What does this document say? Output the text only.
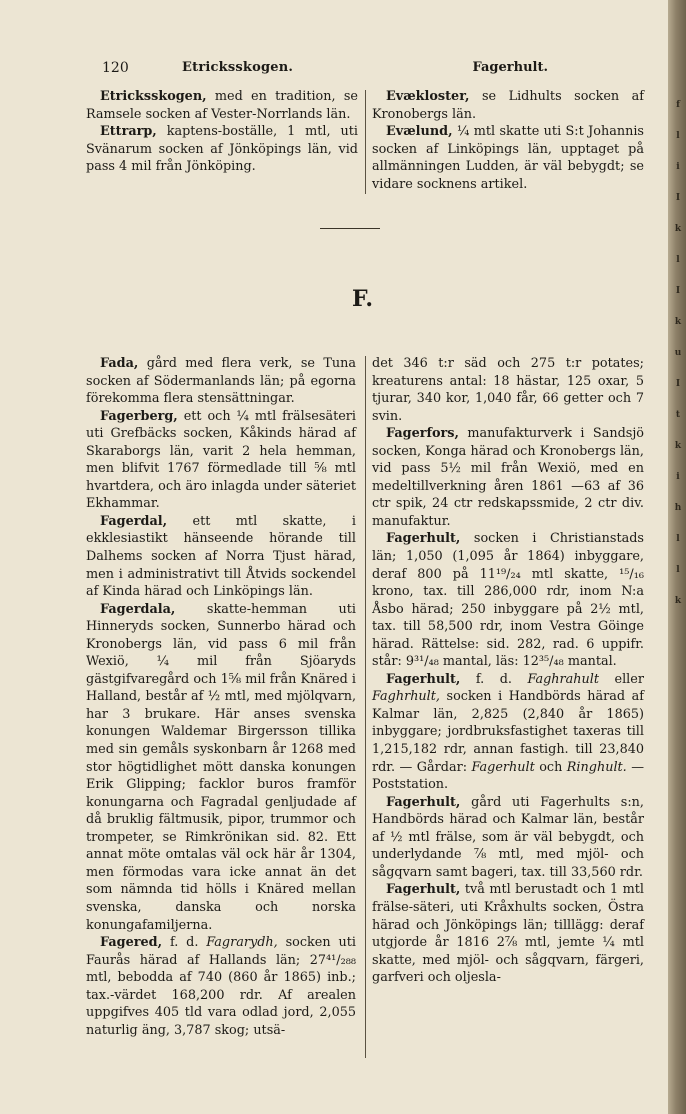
f
l
i
I
k
l
I
k
u
I
t
k
i
h
l
l
k
120	Etricksskogen.	Fagerhult.

Etricksskogen, med en tradition, se Ramsele socken af Vester-Norrlands län.

Ettrarp, kaptens-boställe, 1 mtl, uti Svänarum socken af Jönköpings län, vid pass 4 mil från Jönköping.

Evækloster, se Lidhults socken af Kronobergs län.

Evælund, ¼ mtl skatte uti S:t Johannis socken af Linköpings län, upptaget på allmänningen Ludden, är väl bebygdt; se vidare socknens artikel.

F.

Fada, gård med flera verk, se Tuna socken af Södermanlands län; på egorna förekomma flera stensättningar.

Fagerberg, ett och ¼ mtl frälsesäteri uti Grefbäcks socken, Kåkinds härad af Skaraborgs län, varit 2 hela hemman, men blifvit 1767 förmedlade till ⅝ mtl hvartdera, och äro inlagda under säteriet Ekhammar.

Fagerdal, ett mtl skatte, i ekklesiastikt hänseende hörande till Dalhems socken af Norra Tjust härad, men i administrativt till Åtvids sockendel af Kinda härad och Linköpings län.

Fagerdala, skatte-hemman uti Hinneryds socken, Sunnerbo härad och Kronobergs län, vid pass 6 mil från Wexiö, ¼ mil från Sjöaryds gästgifvaregård och 1⅝ mil från Knäred i Halland, består af ½ mtl, med mjölqvarn, har 3 brukare. Här anses svenska konungen Waldemar Birgersson tillika med sin gemåls syskonbarn år 1268 med stor högtidlighet mött danska konungen Erik Glipping; facklor buros framför konungarna och Fagradal genljudade af då bruklig fältmusik, pipor, trummor och trompeter, se Rimkrönikan sid. 82. Ett annat möte omtalas väl ock här år 1304, men förmodas vara icke annat än det som nämnda tid hölls i Knäred mellan svenska, danska och norska konungafamiljerna.

Fagered, f. d. Fagrarydh, socken uti Faurås härad af Hallands län; 27⁴¹/₂₈₈ mtl, bebodda af 740 (860 år 1865) inb.; tax.-värdet 168,200 rdr. Af arealen uppgifves 405 tld vara odlad jord, 2,055 naturlig äng, 3,787 skog; utsä-

det 346 t:r säd och 275 t:r potates; kreaturens antal: 18 hästar, 125 oxar, 5 tjurar, 340 kor, 1,040 får, 66 getter och 7 svin.

Fagerfors, manufakturverk i Sandsjö socken, Konga härad och Kronobergs län, vid pass 5½ mil från Wexiö, med en medeltillverkning åren 1861 —63 af 36 ctr spik, 24 ctr redskapssmide, 2 ctr div. manufaktur.

Fagerhult, socken i Christianstads län; 1,050 (1,095 år 1864) inbyggare, deraf 800 på 11¹⁹/₂₄ mtl skatte, ¹⁵/₁₆ krono, tax. till 286,000 rdr, inom N:a Åsbo härad; 250 inbyggare på 2½ mtl, tax. till 58,500 rdr, inom Vestra Göinge härad. Rättelse: sid. 282, rad. 6 uppifr. står: 9³¹/₄₈ mantal, läs: 12³⁵/₄₈ mantal.

Fagerhult, f. d. Faghrahult eller Faghrhult, socken i Handbörds härad af Kalmar län, 2,825 (2,840 år 1865) inbyggare; jordbruksfastighet taxeras till 1,215,182 rdr, annan fastigh. till 23,840 rdr. — Gårdar: Fagerhult och Ringhult. — Poststation.

Fagerhult, gård uti Fagerhults s:n, Handbörds härad och Kalmar län, består af ½ mtl frälse, som är väl bebygdt, och underlydande ⅞ mtl, med mjöl- och sågqvarn samt bageri, tax. till 33,560 rdr.

Fagerhult, två mtl berustadt och 1 mtl frälse-säteri, uti Kråxhults socken, Östra härad och Jönköpings län; tilllägg: deraf utgjorde år 1816 2⅞ mtl, jemte ¼ mtl skatte, med mjöl- och sågqvarn, färgeri, garfveri och oljesla-
